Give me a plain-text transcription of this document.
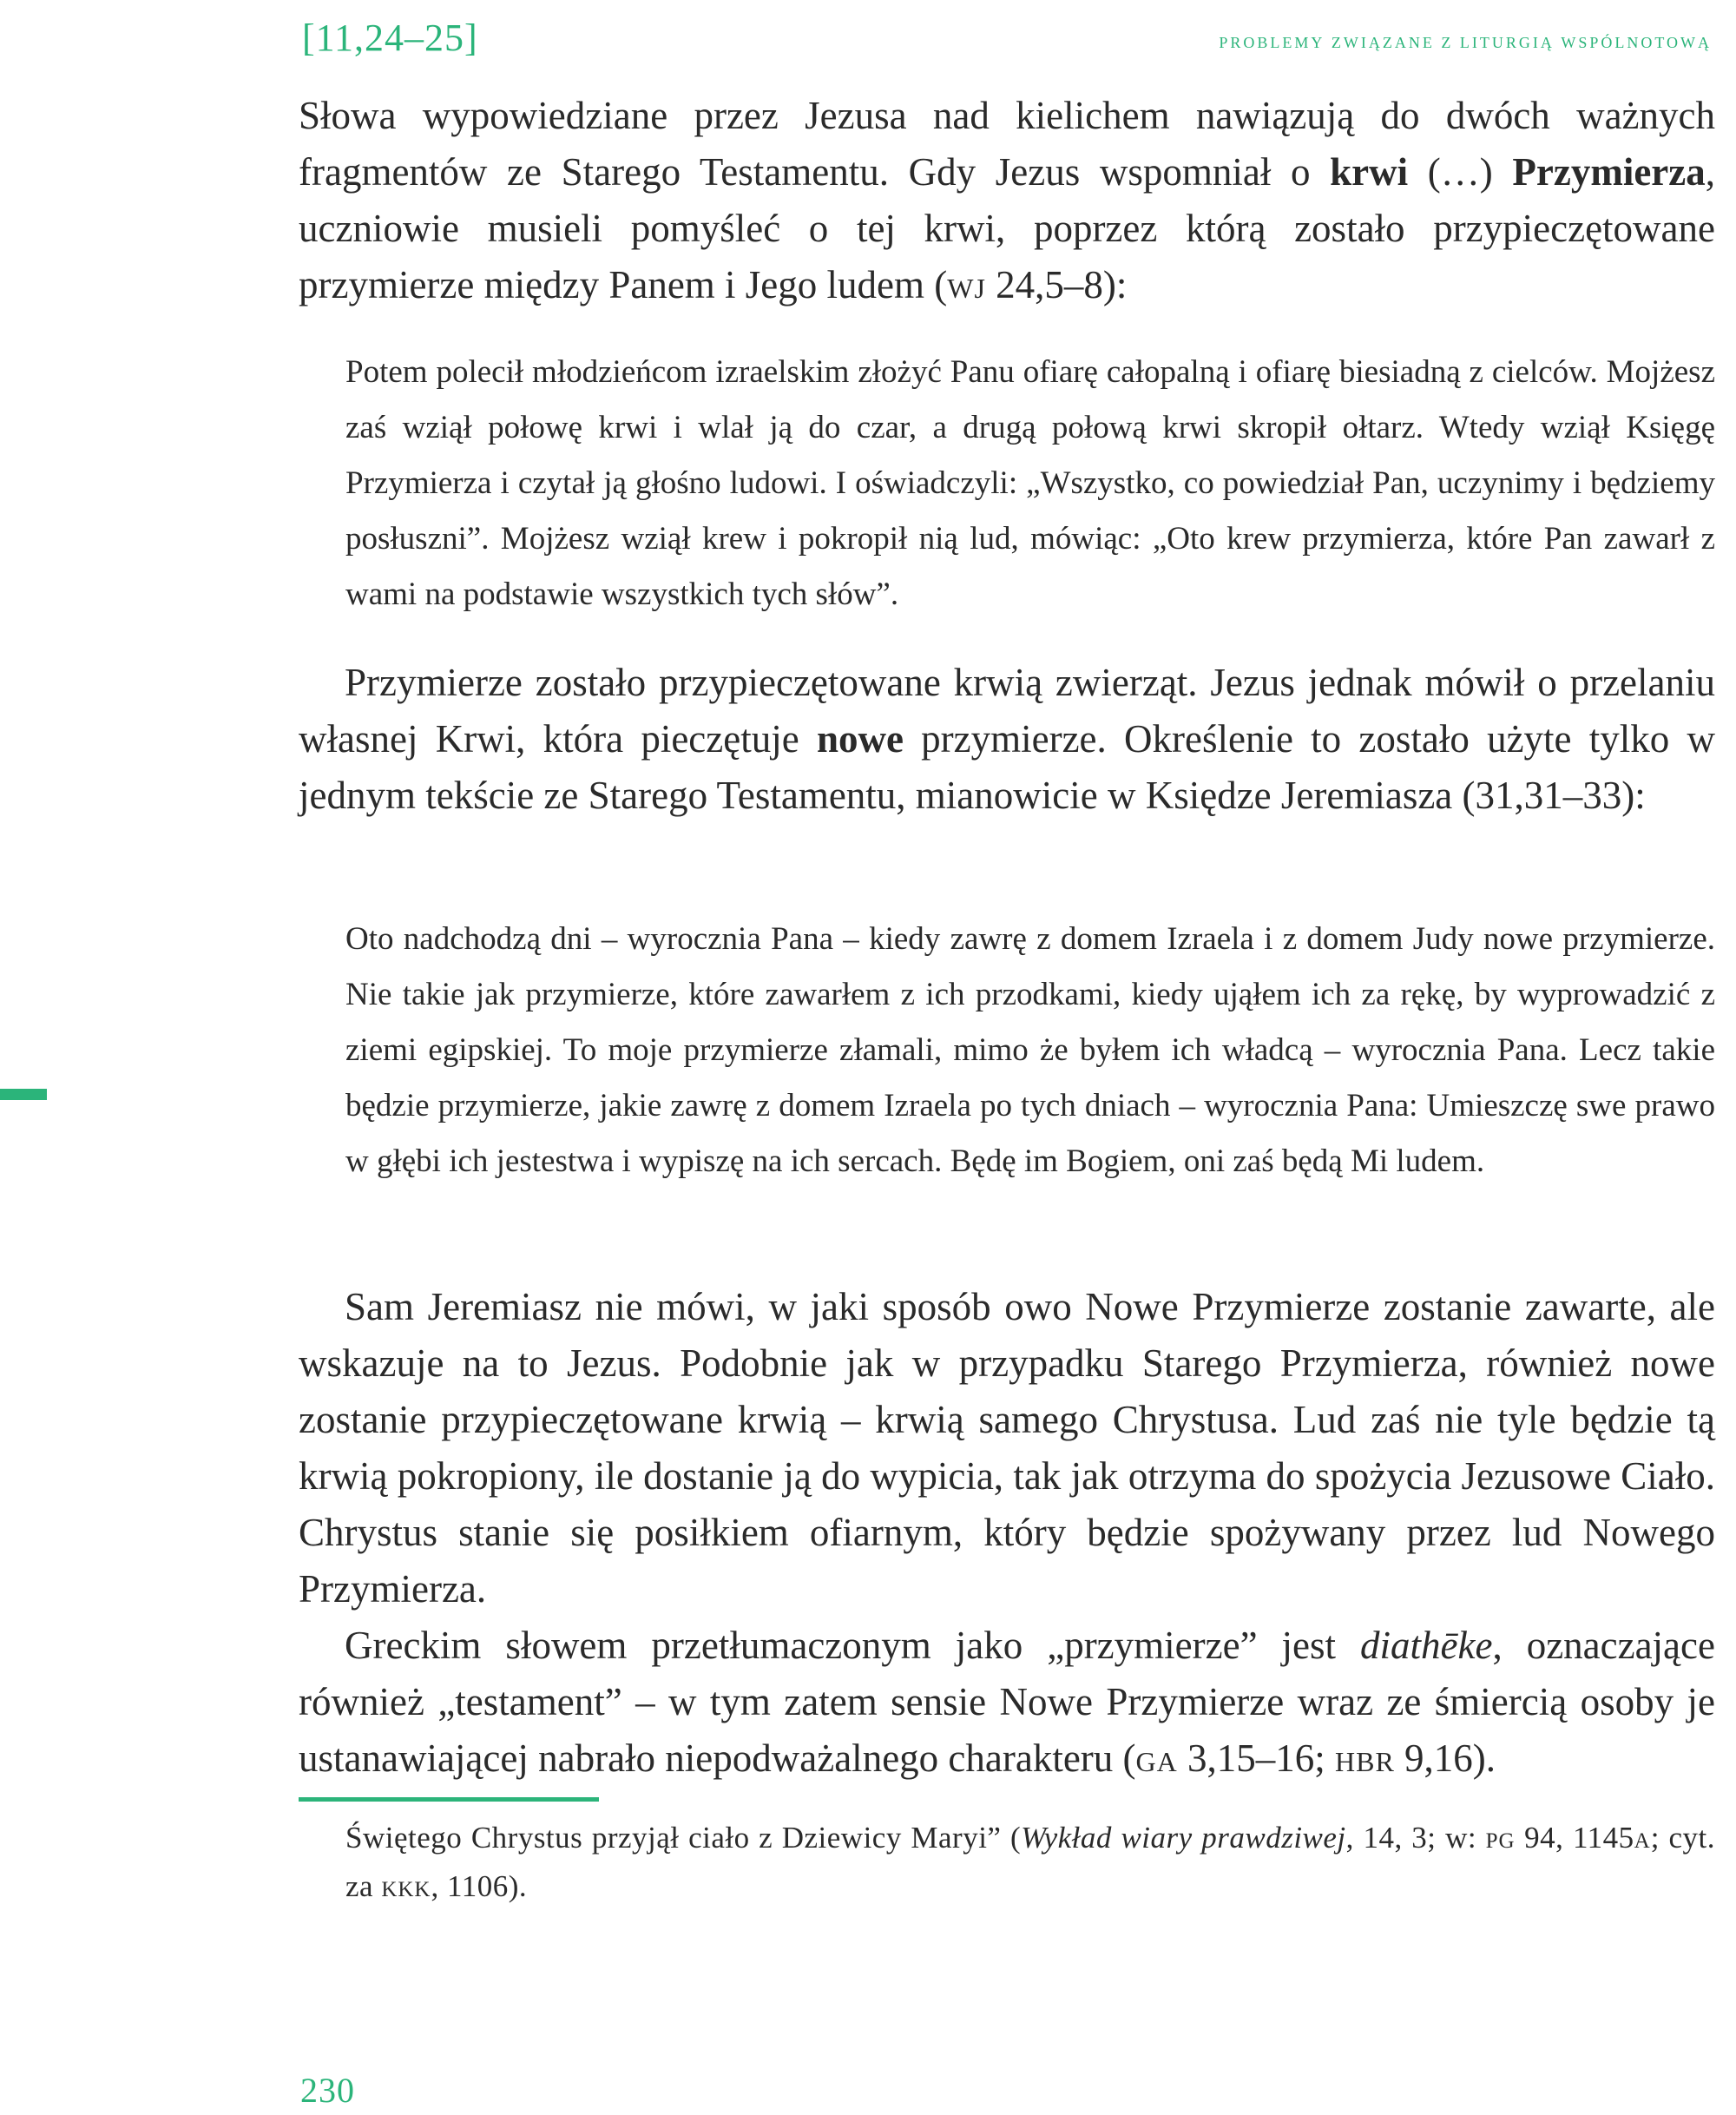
[11,24–25]	problemy związane z liturgią wspólnotową

Słowa wypowiedziane przez Jezusa nad kielichem nawiązują do dwóch ważnych fragmentów ze Starego Testamentu. Gdy Jezus wspomniał o krwi (…) Przymierza, uczniowie musieli pomyśleć o tej krwi, poprzez którą zostało przypieczętowane przymierze między Panem i Jego ludem (Wj 24,5–8):

Potem polecił młodzieńcom izraelskim złożyć Panu ofiarę całopalną i ofiarę biesiadną z cielców. Mojżesz zaś wziął połowę krwi i wlał ją do czar, a drugą połową krwi skropił ołtarz. Wtedy wziął Księgę Przymierza i czytał ją głośno ludowi. I oświadczyli: „Wszystko, co powiedział Pan, uczynimy i będziemy posłuszni”. Mojżesz wziął krew i pokropił nią lud, mówiąc: „Oto krew przymierza, które Pan zawarł z wami na podstawie wszystkich tych słów”.

Przymierze zostało przypieczętowane krwią zwierząt. Jezus jednak mówił o przelaniu własnej Krwi, która pieczętuje nowe przymierze. Określenie to zostało użyte tylko w jednym tekście ze Starego Testamentu, mianowicie w Księdze Jeremiasza (31,31–33):

Oto nadchodzą dni – wyrocznia Pana – kiedy zawrę z domem Izraela i z domem Judy nowe przymierze. Nie takie jak przymierze, które zawarłem z ich przodkami, kiedy ująłem ich za rękę, by wyprowadzić z ziemi egipskiej. To moje przymierze złamali, mimo że byłem ich władcą – wyrocznia Pana. Lecz takie będzie przymierze, jakie zawrę z domem Izraela po tych dniach – wyrocznia Pana: Umieszczę swe prawo w głębi ich jestestwa i wypiszę na ich sercach. Będę im Bogiem, oni zaś będą Mi ludem.

Sam Jeremiasz nie mówi, w jaki sposób owo Nowe Przymierze zostanie zawarte, ale wskazuje na to Jezus. Podobnie jak w przypadku Starego Przymierza, również nowe zostanie przypieczętowane krwią – krwią samego Chrystusa. Lud zaś nie tyle będzie tą krwią pokropiony, ile dostanie ją do wypicia, tak jak otrzyma do spożycia Jezusowe Ciało. Chrystus stanie się posiłkiem ofiarnym, który będzie spożywany przez lud Nowego Przymierza.

Greckim słowem przetłumaczonym jako „przymierze” jest diathēke, oznaczające również „testament” – w tym zatem sensie Nowe Przymierze wraz ze śmiercią osoby je ustanawiającej nabrało niepodważalnego charakteru (Ga 3,15–16; Hbr 9,16).

Świętego Chrystus przyjął ciało z Dziewicy Maryi” (Wykład wiary prawdziwej, 14, 3; w: PG 94, 1145A; cyt. za KKK, 1106).

230
